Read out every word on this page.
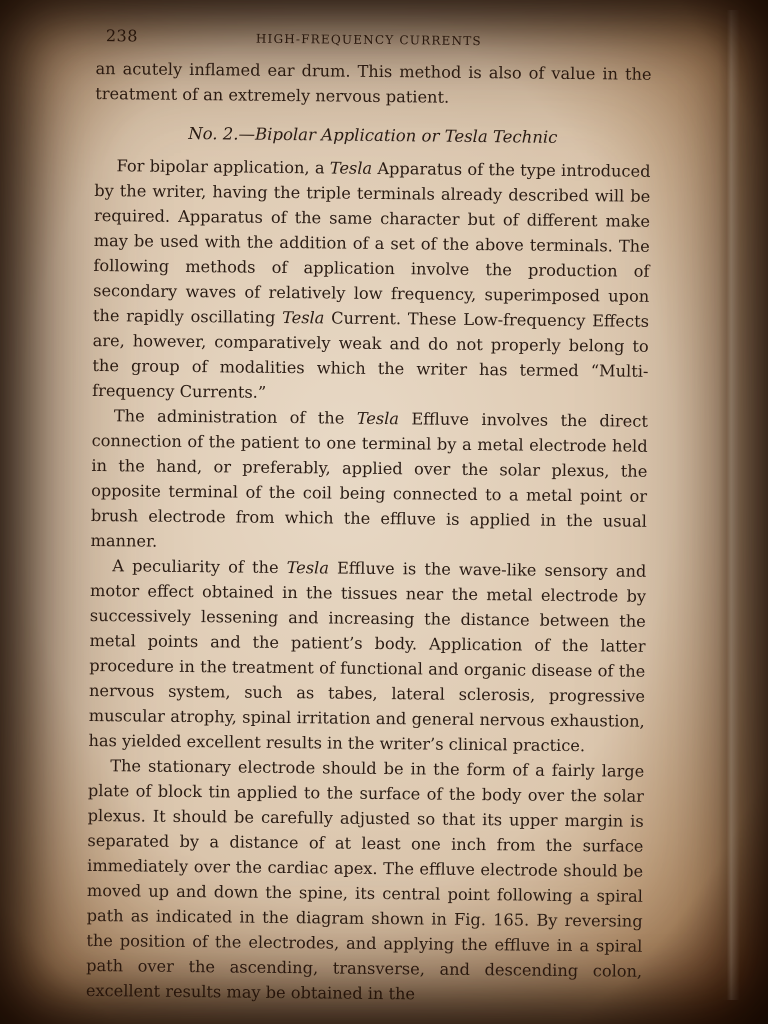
238	HIGH-FREQUENCY CURRENTS

an acutely inflamed ear drum. This method is also of value in the treatment of an extremely nervous patient.

No. 2.—Bipolar Application or Tesla Technic

For bipolar application, a Tesla Apparatus of the type introduced by the writer, having the triple terminals already described will be required. Apparatus of the same character but of different make may be used with the addition of a set of the above terminals. The following methods of application involve the production of secondary waves of relatively low frequency, superimposed upon the rapidly oscillating Tesla Current. These Low-frequency Effects are, however, comparatively weak and do not properly belong to the group of modalities which the writer has termed “Multi-frequency Currents.”

The administration of the Tesla Effluve involves the direct connection of the patient to one terminal by a metal electrode held in the hand, or preferably, applied over the solar plexus, the opposite terminal of the coil being connected to a metal point or brush electrode from which the effluve is applied in the usual manner.

A peculiarity of the Tesla Effluve is the wave-like sensory and motor effect obtained in the tissues near the metal electrode by successively lessening and increasing the distance between the metal points and the patient’s body. Application of the latter procedure in the treatment of functional and organic disease of the nervous system, such as tabes, lateral sclerosis, progressive muscular atrophy, spinal irritation and general nervous exhaustion, has yielded excellent results in the writer’s clinical practice.

The stationary electrode should be in the form of a fairly large plate of block tin applied to the surface of the body over the solar plexus. It should be carefully adjusted so that its upper margin is separated by a distance of at least one inch from the surface immediately over the cardiac apex. The effluve electrode should be moved up and down the spine, its central point following a spiral path as indicated in the diagram shown in Fig. 165. By reversing the position of the electrodes, and applying the effluve in a spiral path over the ascending, transverse, and descending colon, excellent results may be obtained in the
